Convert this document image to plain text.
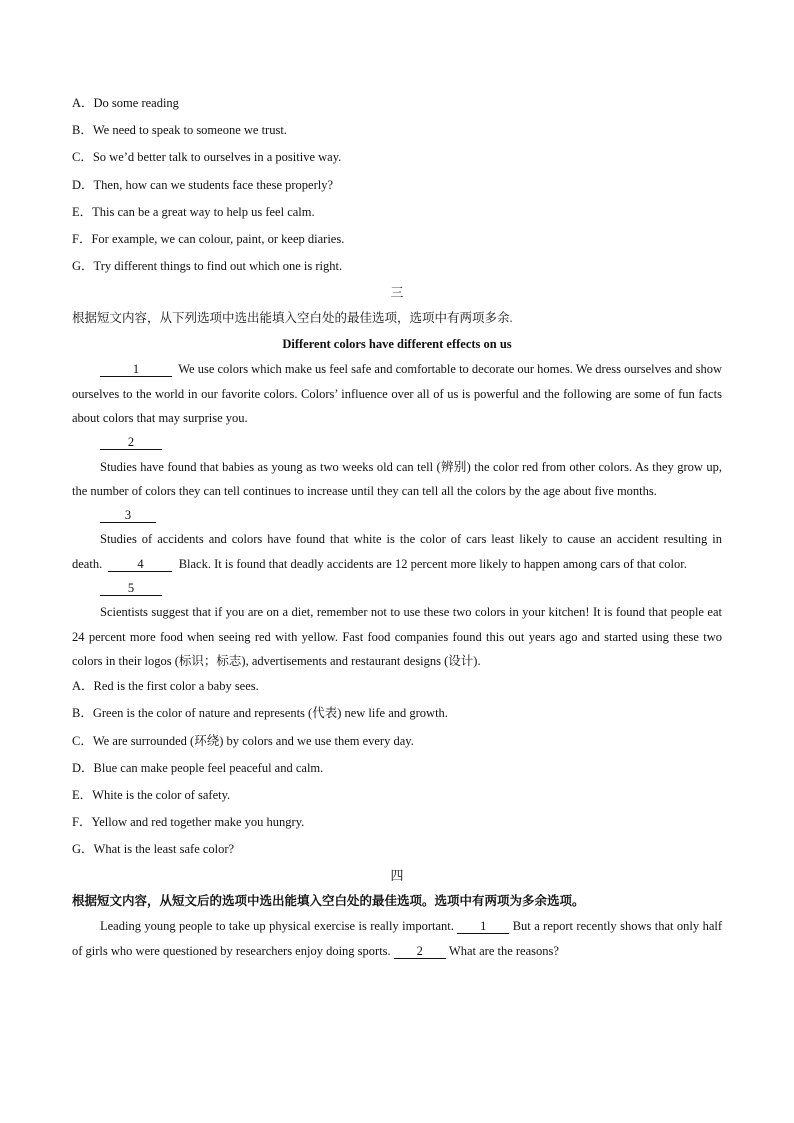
A．Do some reading
B．We need to speak to someone we trust.
C．So we’d better talk to ourselves in a positive way.
D．Then, how can we students face these properly?
E．This can be a great way to help us feel calm.
F．For example, we can colour, paint, or keep diaries.
G．Try different things to find out which one is right.
三
根据短文内容，从下列选项中选出能填入空白处的最佳选项，选项中有两项多余.
Different colors have different effects on us

1	We use colors which make us feel safe and comfortable to decorate our homes. We dress ourselves and show ourselves to the world in our favorite colors. Colors’ influence over all of us is powerful and the following are some of fun facts about colors that may surprise you.

2

Studies have found that babies as young as two weeks old can tell (辨别) the color red from other colors. As they grow up, the number of colors they can tell continues to increase until they can tell all the colors by the age about five months.

3

Studies of accidents and colors have found that white is the color of cars least likely to cause an accident resulting in death.	4	Black. It is found that deadly accidents are 12 percent more likely to happen among cars of that color.

5

Scientists suggest that if you are on a diet, remember not to use these two colors in your kitchen! It is found that people eat 24 percent more food when seeing red with yellow. Fast food companies found this out years ago and started using these two colors in their logos (标识；标志), advertisements and restaurant designs (设计).

A．Red is the first color a baby sees.
B．Green is the color of nature and represents (代表) new life and growth.
C．We are surrounded (环绕) by colors and we use them every day.
D．Blue can make people feel peaceful and calm.
E．White is the color of safety.
F．Yellow and red together make you hungry.
G．What is the least safe color?
四
根据短文内容，从短文后的选项中选出能填入空白处的最佳选项。选项中有两项为多余选项。

Leading young people to take up physical exercise is really important. 1 But a report recently shows that only half of girls who were questioned by researchers enjoy doing sports. 2 What are the reasons?
